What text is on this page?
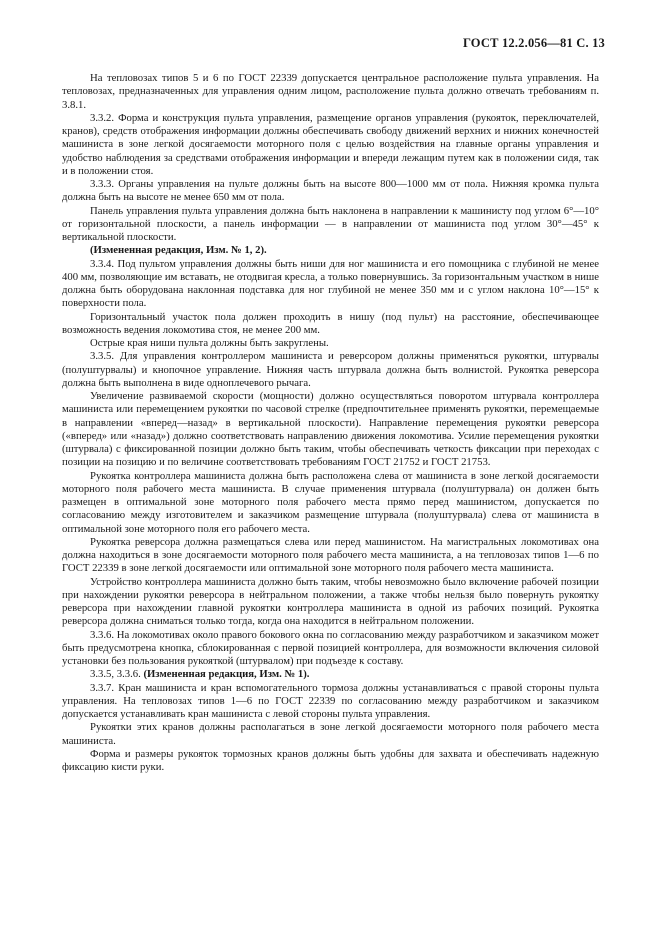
ГОСТ 12.2.056—81 С. 13

На тепловозах типов 5 и 6 по ГОСТ 22339 допускается центральное расположение пульта управления. На тепловозах, предназначенных для управления одним лицом, расположение пульта должно отвечать требованиям п. 3.8.1.

3.3.2. Форма и конструкция пульта управления, размещение органов управления (рукояток, переключателей, кранов), средств отображения информации должны обеспечивать свободу движений верхних и нижних конечностей машиниста в зоне легкой досягаемости моторного поля с целью воздействия на главные органы управления и удобство наблюдения за средствами отображения информации и впереди лежащим путем как в положении сидя, так и в положении стоя.

3.3.3. Органы управления на пульте должны быть на высоте 800—1000 мм от пола. Нижняя кромка пульта должна быть на высоте не менее 650 мм от пола.

Панель управления пульта управления должна быть наклонена в направлении к машинисту под углом 6°—10° от горизонтальной плоскости, а панель информации — в направлении от машиниста под углом 30°—45° к вертикальной плоскости.

(Измененная редакция, Изм. № 1, 2).

3.3.4. Под пультом управления должны быть ниши для ног машиниста и его помощника с глубиной не менее 400 мм, позволяющие им вставать, не отодвигая кресла, а только повернувшись. За горизонтальным участком в нише должна быть оборудована наклонная подставка для ног глубиной не менее 350 мм и с углом наклона 10°—15° к поверхности пола.

Горизонтальный участок пола должен проходить в нишу (под пульт) на расстояние, обеспечивающее возможность ведения локомотива стоя, не менее 200 мм.

Острые края ниши пульта должны быть закруглены.

3.3.5. Для управления контроллером машиниста и реверсором должны применяться рукоятки, штурвалы (полуштурвалы) и кнопочное управление. Нижняя часть штурвала должна быть волнистой. Рукоятка реверсора должна быть выполнена в виде одноплечевого рычага.

Увеличение развиваемой скорости (мощности) должно осуществляться поворотом штурвала контроллера машиниста или перемещением рукоятки по часовой стрелке (предпочтительнее применять рукоятки, перемещаемые в направлении «вперед—назад» в вертикальной плоскости). Направление перемещения рукоятки реверсора («вперед» или «назад») должно соответствовать направлению движения локомотива. Усилие перемещения рукоятки (штурвала) с фиксированной позиции должно быть таким, чтобы обеспечивать четкость фиксации при переходах с позиции на позицию и по величине соответствовать требованиям ГОСТ 21752 и ГОСТ 21753.

Рукоятка контроллера машиниста должна быть расположена слева от машиниста в зоне легкой досягаемости моторного поля рабочего места машиниста. В случае применения штурвала (полуштурвала) он должен быть размещен в оптимальной зоне моторного поля рабочего места прямо перед машинистом, допускается по согласованию между изготовителем и заказчиком размещение штурвала (полуштурвала) слева от машиниста в оптимальной зоне моторного поля его рабочего места.

Рукоятка реверсора должна размещаться слева или перед машинистом. На магистральных локомотивах она должна находиться в зоне досягаемости моторного поля рабочего места машиниста, а на тепловозах типов 1—6 по ГОСТ 22339 в зоне легкой досягаемости или оптимальной зоне моторного поля рабочего места машиниста.

Устройство контроллера машиниста должно быть таким, чтобы невозможно было включение рабочей позиции при нахождении рукоятки реверсора в нейтральном положении, а также чтобы нельзя было повернуть рукоятку реверсора при нахождении главной рукоятки контроллера машиниста в одной из рабочих позиций. Рукоятка реверсора должна сниматься только тогда, когда она находится в нейтральном положении.

3.3.6. На локомотивах около правого бокового окна по согласованию между разработчиком и заказчиком может быть предусмотрена кнопка, сблокированная с первой позицией контроллера, для возможности включения силовой установки без пользования рукояткой (штурвалом) при подъезде к составу.

3.3.5, 3.3.6. (Измененная редакция, Изм. № 1).

3.3.7. Кран машиниста и кран вспомогательного тормоза должны устанавливаться с правой стороны пульта управления. На тепловозах типов 1—6 по ГОСТ 22339 по согласованию между разработчиком и заказчиком допускается устанавливать кран машиниста с левой стороны пульта управления.

Рукоятки этих кранов должны располагаться в зоне легкой досягаемости моторного поля рабочего места машиниста.

Форма и размеры рукояток тормозных кранов должны быть удобны для захвата и обеспечивать надежную фиксацию кисти руки.
